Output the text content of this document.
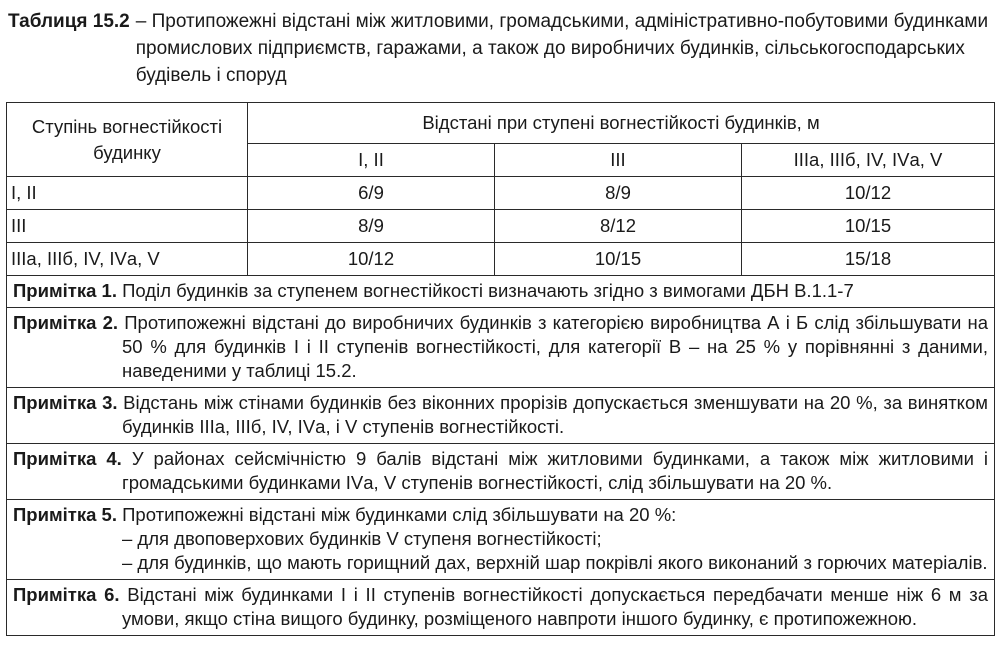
Таблиця 15.2 – Протипожежні відстані між житловими, громадськими, адміністративно-побутовими будинками промислових підприємств, гаражами, а також до виробничих будинків, сільськогосподарських будівель і споруд
Ступінь вогнестійкості будинку	Відстані при ступені вогнестійкості будинків, м		
	I, II	III	IIIа, IIIб, IV, IVа, V
I, II	6/9	8/9	10/12
III	8/9	8/12	10/15
IIIа, IIIб, IV, IVа, V	10/12	10/15	15/18

Примітка 1. Поділ будинків за ступенем вогнестійкості визначають згідно з вимогами ДБН В.1.1-7			

Примітка 2. Протипожежні відстані до виробничих будинків з категорією виробництва А і Б слід збільшувати на 50 % для будинків I і II ступенів вогнестійкості, для категорії В – на 25 % у порівнянні з даними, наведеними у таблиці 15.2.			

Примітка 3. Відстань між стінами будинків без віконних прорізів допускається зменшувати на 20 %, за винятком будинків IIIа, IIIб, IV, IVа, і V ступенів вогнестійкості.			

Примітка 4. У районах сейсмічністю 9 балів відстані між житловими будинками, а також між житловими і громадськими будинками IVа, V ступенів вогнестійкості, слід збільшувати на 20 %.			

Примітка 5. Протипожежні відстані між будинками слід збільшувати на 20 %:
– для двоповерхових будинків V ступеня вогнестійкості;
– для будинків, що мають горищний дах, верхній шар покрівлі якого виконаний з горючих матеріалів.			

Примітка 6. Відстані між будинками I і II ступенів вогнестійкості допускається передбачати менше ніж 6 м за умови, якщо стіна вищого будинку, розміщеного навпроти іншого будинку, є протипожежною.			
